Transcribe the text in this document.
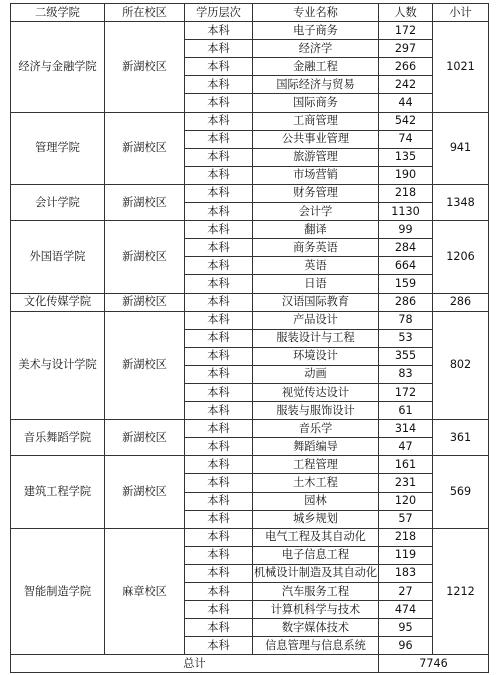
二级学院	所在校区	学历层次	专业名称	人数	小计
经济与金融学院	新湖校区	本科	电子商务	172	1021
		本科	经济学	297	
		本科	金融工程	266	
		本科	国际经济与贸易	242	
		本科	国际商务	44	
管理学院	新湖校区	本科	工商管理	542	941
		本科	公共事业管理	74	
		本科	旅游管理	135	
		本科	市场营销	190	
会计学院	新湖校区	本科	财务管理	218	1348
		本科	会计学	1130	
外国语学院	新湖校区	本科	翻译	99	1206
		本科	商务英语	284	
		本科	英语	664	
		本科	日语	159	
文化传媒学院	新湖校区	本科	汉语国际教育	286	286
美术与设计学院	新湖校区	本科	产品设计	78	802
		本科	服装设计与工程	53	
		本科	环境设计	355	
		本科	动画	83	
		本科	视觉传达设计	172	
		本科	服装与服饰设计	61	
音乐舞蹈学院	新湖校区	本科	音乐学	314	361
		本科	舞蹈编导	47	
建筑工程学院	新湖校区	本科	工程管理	161	569
		本科	土木工程	231	
		本科	园林	120	
		本科	城乡规划	57	
智能制造学院	麻章校区	本科	电气工程及其自动化	218	1212
		本科	电子信息工程	119	
		本科	机械设计制造及其自动化	183	
		本科	汽车服务工程	27	
		本科	计算机科学与技术	474	
		本科	数字媒体技术	95	
		本科	信息管理与信息系统	96	
总计				7746	
